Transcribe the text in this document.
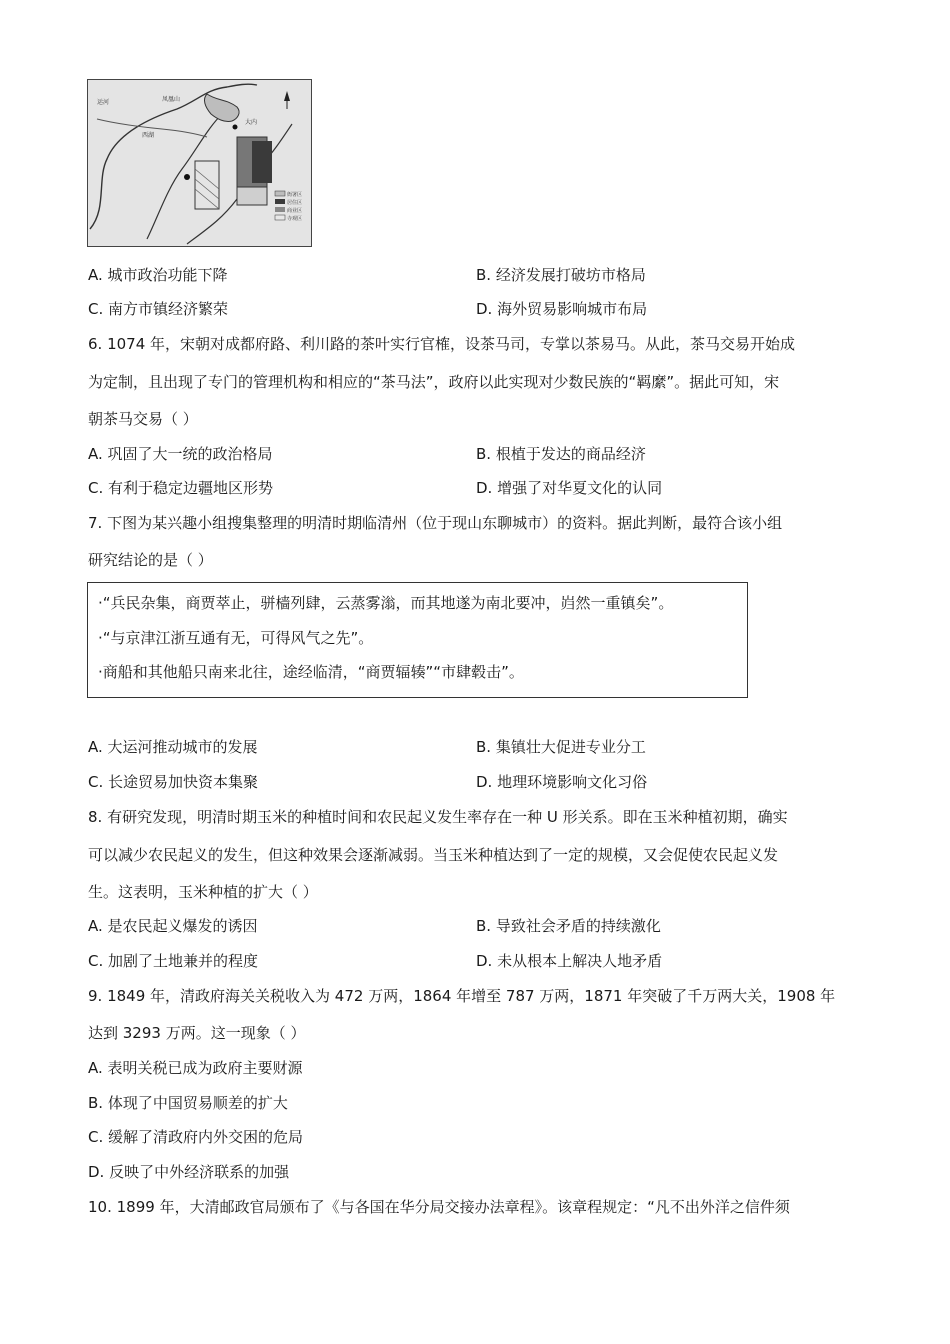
衙署区
居住区
商业区
寺观区
运河
西湖
凤凰山
大内
A. 城市政治功能下降	B. 经济发展打破坊市格局
C. 南方市镇经济繁荣	D. 海外贸易影响城市布局
6. 1074 年，宋朝对成都府路、利川路的茶叶实行官榷，设茶马司，专掌以茶易马。从此，茶马交易开始成
为定制，且出现了专门的管理机构和相应的“茶马法”，政府以此实现对少数民族的“羁縻”。据此可知，宋
朝茶马交易（ ）
A. 巩固了大一统的政治格局	B. 根植于发达的商品经济
C. 有利于稳定边疆地区形势	D. 增强了对华夏文化的认同
7. 下图为某兴趣小组搜集整理的明清时期临清州（位于现山东聊城市）的资料。据此判断，最符合该小组
研究结论的是（ ）
·“兵民杂集，商贾萃止，骈樯列肆，云蒸雾滃，而其地遂为南北要冲，岿然一重镇矣”。
·“与京津江浙互通有无，可得风气之先”。
·商船和其他船只南来北往，途经临清，“商贾辐辏”“市肆毂击”。
A. 大运河推动城市的发展	B. 集镇壮大促进专业分工
C. 长途贸易加快资本集聚	D. 地理环境影响文化习俗
8. 有研究发现，明清时期玉米的种植时间和农民起义发生率存在一种 U 形关系。即在玉米种植初期，确实
可以减少农民起义的发生，但这种效果会逐渐减弱。当玉米种植达到了一定的规模，又会促使农民起义发
生。这表明，玉米种植的扩大（ ）
A. 是农民起义爆发的诱因	B. 导致社会矛盾的持续激化
C. 加剧了土地兼并的程度	D. 未从根本上解决人地矛盾
9. 1849 年，清政府海关关税收入为 472 万两，1864 年增至 787 万两，1871 年突破了千万两大关，1908 年
达到 3293 万两。这一现象（ ）
A. 表明关税已成为政府主要财源
B. 体现了中国贸易顺差的扩大
C. 缓解了清政府内外交困的危局
D. 反映了中外经济联系的加强
10. 1899 年，大清邮政官局颁布了《与各国在华分局交接办法章程》。该章程规定：“凡不出外洋之信件须
